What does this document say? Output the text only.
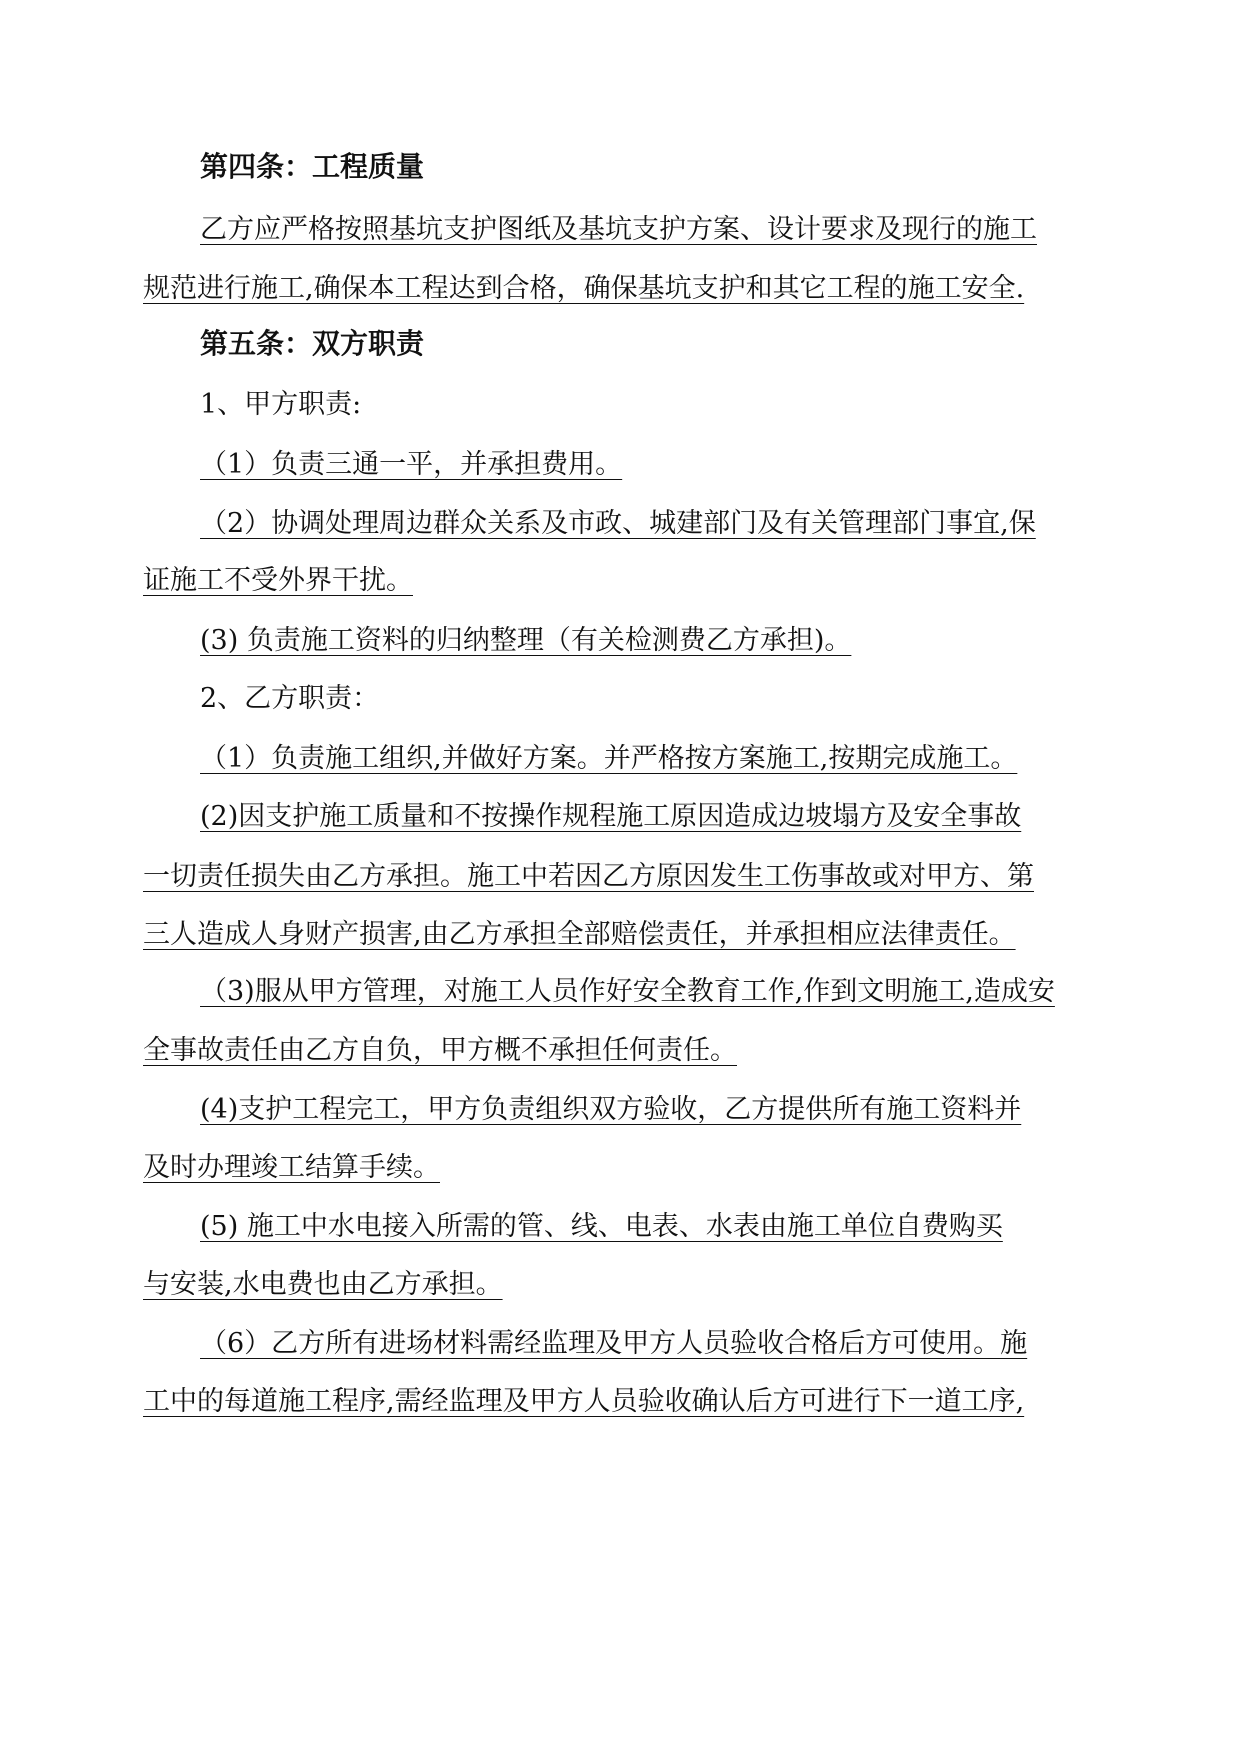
第四条：工程质量
乙方应严格按照基坑支护图纸及基坑支护方案、设计要求及现行的施工
规范进行施工,确保本工程达到合格，确保基坑支护和其它工程的施工安全.
第五条：双方职责
1、甲方职责:
（1）负责三通一平，并承担费用。
（2）协调处理周边群众关系及市政、城建部门及有关管理部门事宜,保
证施工不受外界干扰。
(3) 负责施工资料的归纳整理（有关检测费乙方承担)。
2、乙方职责：
（1）负责施工组织,并做好方案。并严格按方案施工,按期完成施工。
(2)因支护施工质量和不按操作规程施工原因造成边坡塌方及安全事故
一切责任损失由乙方承担。施工中若因乙方原因发生工伤事故或对甲方、第
三人造成人身财产损害,由乙方承担全部赔偿责任，并承担相应法律责任。
（3)服从甲方管理，对施工人员作好安全教育工作,作到文明施工,造成安
全事故责任由乙方自负，甲方概不承担任何责任。
(4)支护工程完工，甲方负责组织双方验收，乙方提供所有施工资料并
及时办理竣工结算手续。
(5) 施工中水电接入所需的管、线、电表、水表由施工单位自费购买
与安装,水电费也由乙方承担。
（6）乙方所有进场材料需经监理及甲方人员验收合格后方可使用。施
工中的每道施工程序,需经监理及甲方人员验收确认后方可进行下一道工序,
